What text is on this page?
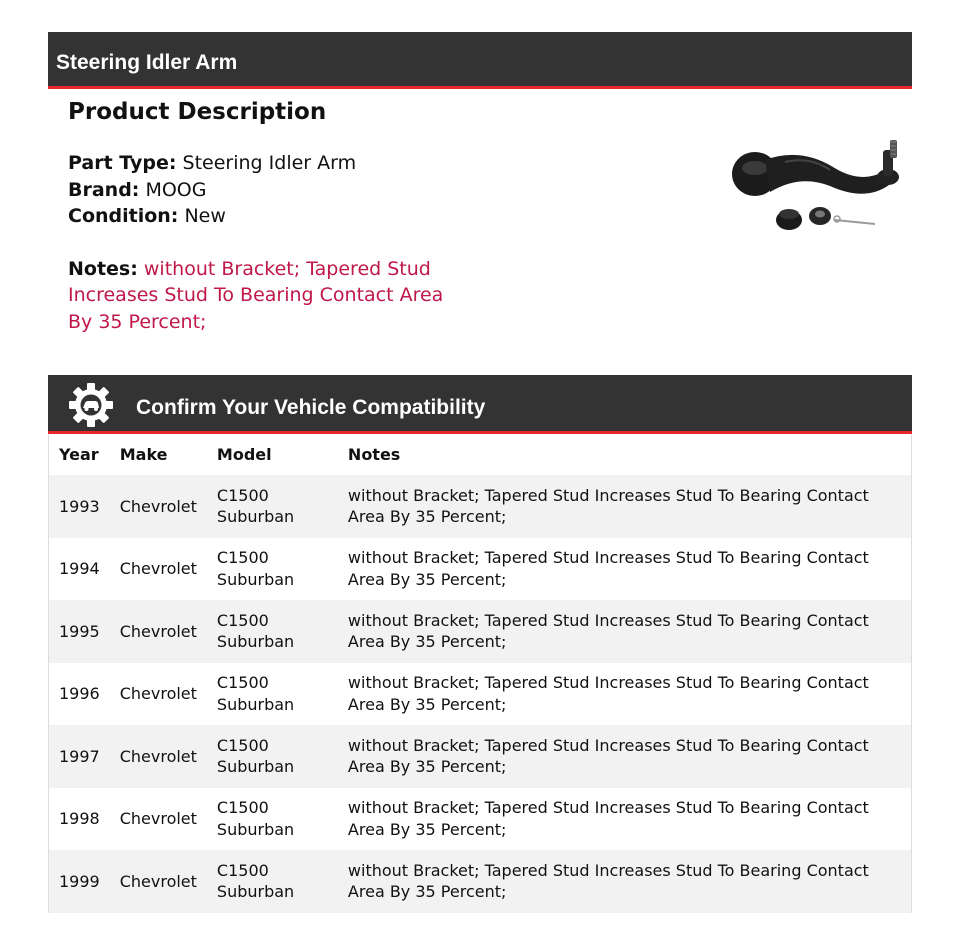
Steering Idler Arm
Product Description
Part Type: Steering Idler Arm
Brand: MOOG
Condition: New
Notes: without Bracket; Tapered Stud Increases Stud To Bearing Contact Area By 35 Percent;
Confirm Your Vehicle Compatibility
Year	Make	Model	Notes
1993	Chevrolet	C1500 Suburban	without Bracket; Tapered Stud Increases Stud To Bearing Contact Area By 35 Percent;
1994	Chevrolet	C1500 Suburban	without Bracket; Tapered Stud Increases Stud To Bearing Contact Area By 35 Percent;
1995	Chevrolet	C1500 Suburban	without Bracket; Tapered Stud Increases Stud To Bearing Contact Area By 35 Percent;
1996	Chevrolet	C1500 Suburban	without Bracket; Tapered Stud Increases Stud To Bearing Contact Area By 35 Percent;
1997	Chevrolet	C1500 Suburban	without Bracket; Tapered Stud Increases Stud To Bearing Contact Area By 35 Percent;
1998	Chevrolet	C1500 Suburban	without Bracket; Tapered Stud Increases Stud To Bearing Contact Area By 35 Percent;
1999	Chevrolet	C1500 Suburban	without Bracket; Tapered Stud Increases Stud To Bearing Contact Area By 35 Percent;
